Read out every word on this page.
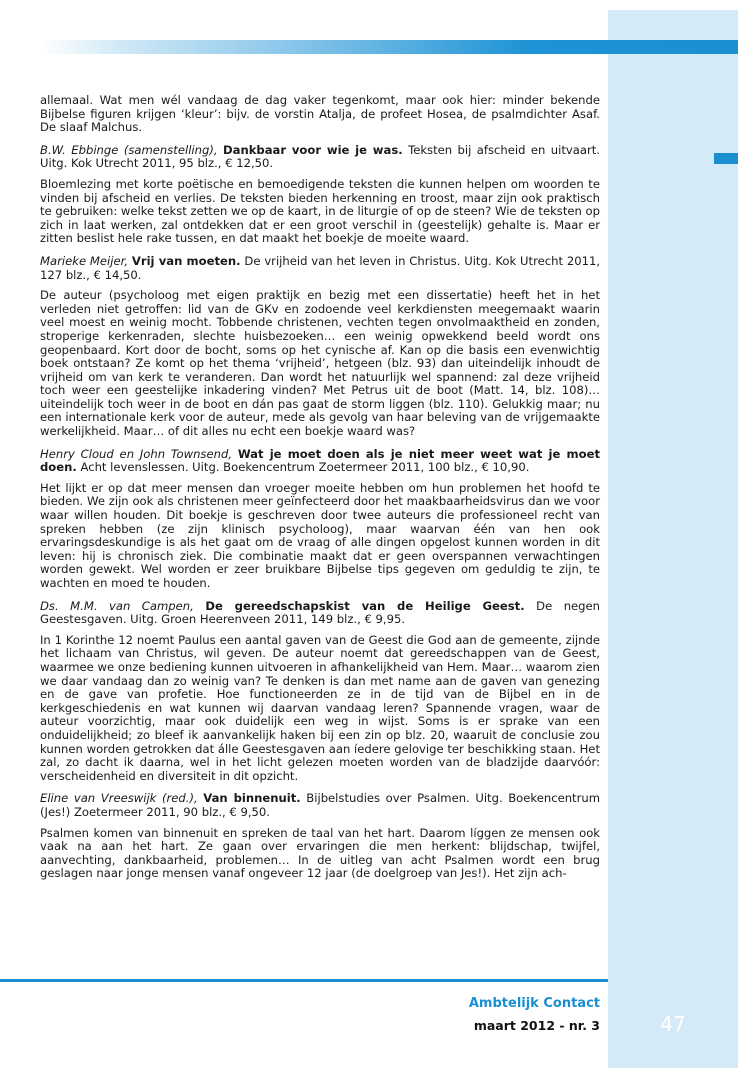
allemaal. Wat men wél vandaag de dag vaker tegenkomt, maar ook hier: minder bekende Bijbelse figuren krijgen ‘kleur’: bijv. de vorstin Atalja, de profeet Hosea, de psalmdichter Asaf. De slaaf Malchus.

B.W. Ebbinge (samenstelling), Dankbaar voor wie je was. Teksten bij afscheid en uitvaart. Uitg. Kok Utrecht 2011, 95 blz., € 12,50.

Bloemlezing met korte poëtische en bemoedigende teksten die kunnen helpen om woorden te vinden bij afscheid en verlies. De teksten bieden herkenning en troost, maar zijn ook praktisch te gebruiken: welke tekst zetten we op de kaart, in de liturgie of op de steen? Wie de teksten op zich in laat werken, zal ontdekken dat er een groot verschil in (geestelijk) gehalte is. Maar er zitten beslist hele rake tussen, en dat maakt het boekje de moeite waard.

Marieke Meijer, Vrij van moeten. De vrijheid van het leven in Christus. Uitg. Kok Utrecht 2011, 127 blz., € 14,50.

De auteur (psycholoog met eigen praktijk en bezig met een dissertatie) heeft het in het verleden niet getroffen: lid van de GKv en zodoende veel kerkdiensten meegemaakt waarin veel moest en weinig mocht. Tobbende christenen, vechten tegen onvolmaaktheid en zonden, stroperige kerkenraden, slechte huisbezoeken… een weinig opwekkend beeld wordt ons geopenbaard. Kort door de bocht, soms op het cynische af. Kan op die basis een evenwichtig boek ontstaan? Ze komt op het thema ‘vrijheid’, hetgeen (blz. 93) dan uiteindelijk inhoudt de vrijheid om van kerk te veranderen. Dan wordt het natuurlijk wel spannend: zal deze vrijheid toch weer een geestelijke inkadering vinden? Met Petrus uit de boot (Matt. 14, blz. 108)… uiteindelijk toch weer in de boot en dán pas gaat de storm liggen (blz. 110). Gelukkig maar; nu een internationale kerk voor de auteur, mede als gevolg van haar beleving van de vrijgemaakte werkelijkheid. Maar… of dit alles nu echt een boekje waard was?

Henry Cloud en John Townsend, Wat je moet doen als je niet meer weet wat je moet doen. Acht levenslessen. Uitg. Boekencentrum Zoetermeer 2011, 100 blz., € 10,90.

Het lijkt er op dat meer mensen dan vroeger moeite hebben om hun problemen het hoofd te bieden. We zijn ook als christenen meer geïnfecteerd door het maakbaarheidsvirus dan we voor waar willen houden. Dit boekje is geschreven door twee auteurs die professioneel recht van spreken hebben (ze zijn klinisch psycholoog), maar waarvan één van hen ook ervaringsdeskundige is als het gaat om de vraag of alle dingen opgelost kunnen worden in dit leven: hij is chronisch ziek. Die combinatie maakt dat er geen overspannen verwachtingen worden gewekt. Wel worden er zeer bruikbare Bijbelse tips gegeven om geduldig te zijn, te wachten en moed te houden.

Ds. M.M. van Campen, De gereedschapskist van de Heilige Geest. De negen Geestesgaven. Uitg. Groen Heerenveen 2011, 149 blz., € 9,95.

In 1 Korinthe 12 noemt Paulus een aantal gaven van de Geest die God aan de gemeente, zijnde het lichaam van Christus, wil geven. De auteur noemt dat gereedschappen van de Geest, waarmee we onze bediening kunnen uitvoeren in afhankelijkheid van Hem. Maar… waarom zien we daar vandaag dan zo weinig van? Te denken is dan met name aan de gaven van genezing en de gave van profetie. Hoe functioneerden ze in de tijd van de Bijbel en in de kerkgeschiedenis en wat kunnen wij daarvan vandaag leren? Spannende vragen, waar de auteur voorzichtig, maar ook duidelijk een weg in wijst. Soms is er sprake van een onduidelijkheid; zo bleef ik aanvankelijk haken bij een zin op blz. 20, waaruit de conclusie zou kunnen worden getrokken dat álle Geestesgaven aan íedere gelovige ter beschikking staan. Het zal, zo dacht ik daarna, wel in het licht gelezen moeten worden van de bladzijde daarvóór: verscheidenheid en diversiteit in dit opzicht.

Eline van Vreeswijk (red.), Van binnenuit. Bijbelstudies over Psalmen. Uitg. Boekencentrum (Jes!) Zoetermeer 2011, 90 blz., € 9,50.

Psalmen komen van binnenuit en spreken de taal van het hart. Daarom líggen ze mensen ook vaak na aan het hart. Ze gaan over ervaringen die men herkent: blijdschap, twijfel, aanvechting, dankbaarheid, problemen… In de uitleg van acht Psalmen wordt een brug geslagen naar jonge mensen vanaf ongeveer 12 jaar (de doelgroep van Jes!). Het zijn ach-

Ambtelijk Contact
maart 2012 - nr. 3	47
